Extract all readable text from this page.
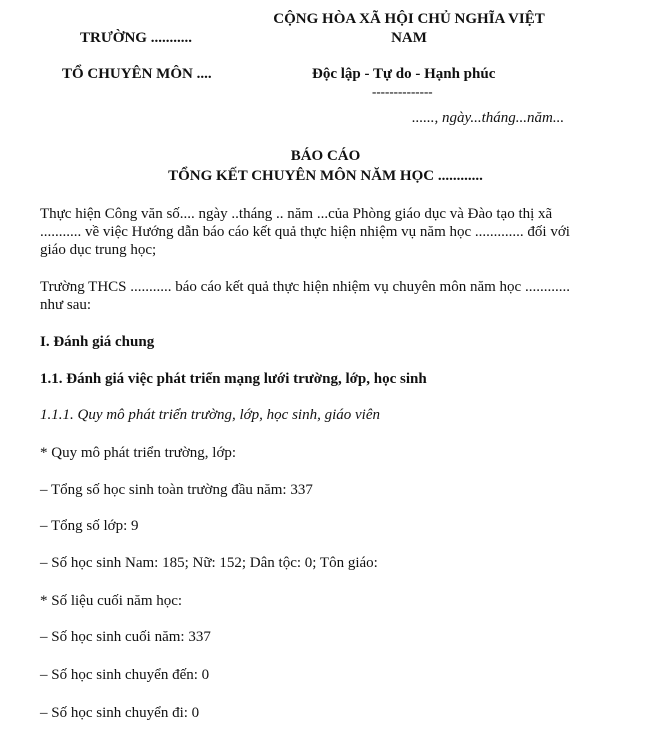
TRƯỜNG ...........
TỔ CHUYÊN MÔN ....
CỘNG HÒA XÃ HỘI CHỦ NGHĨA VIỆT
NAM
Độc lập - Tự do - Hạnh phúc
--------------
......, ngày...tháng...năm...
BÁO CÁO
TỔNG KẾT CHUYÊN MÔN NĂM HỌC ............
Thực hiện Công văn số.... ngày ..tháng .. năm ...của Phòng giáo dục và Đào tạo thị xã ........... về việc Hướng dẫn báo cáo kết quả thực hiện nhiệm vụ năm học ............. đối với giáo dục trung học;
Trường THCS ........... báo cáo kết quả thực hiện nhiệm vụ chuyên môn năm học ............ như sau:
I. Đánh giá chung
1.1. Đánh giá việc phát triển mạng lưới trường, lớp, học sinh
1.1.1. Quy mô phát triển trường, lớp, học sinh, giáo viên
* Quy mô phát triển trường, lớp:
– Tổng số học sinh toàn trường đầu năm: 337
– Tổng số lớp: 9
– Số học sinh Nam: 185; Nữ: 152; Dân tộc: 0; Tôn giáo:
* Số liệu cuối năm học:
– Số học sinh cuối năm: 337
– Số học sinh chuyển đến: 0
– Số học sinh chuyển đi: 0
